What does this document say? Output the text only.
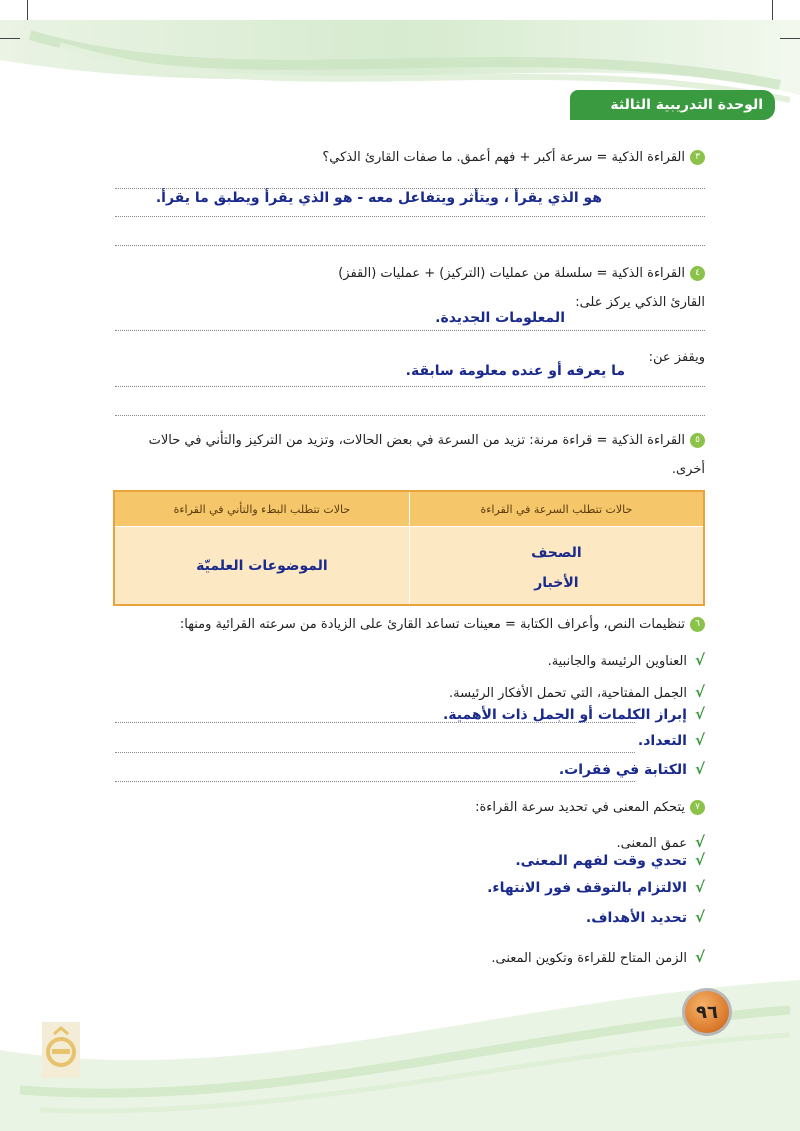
الوحدة التدريبية الثالثة
٣القراءة الذكية = سرعة أكبر + فهم أعمق. ما صفات القارئ الذكي؟
هو الذي يقرأ ، ويتأثر ويتفاعل معه - هو الذي يقرأ ويطبق ما يقرأ.
٤القراءة الذكية = سلسلة من عمليات (التركيز) + عمليات (القفز)
القارئ الذكي يركز على:
المعلومات الجديدة.
ويقفز عن:
ما يعرفه أو عنده معلومة سابقة.
٥القراءة الذكية = قراءة مرنة: تزيد من السرعة في بعض الحالات، وتزيد من التركيز والتأني في حالات
أخرى.
حالات تتطلب السرعة في القراءة	حالات تتطلب البطء والتأني في القراءة

الصحف
الأخبار	الموضوعات العلميّة
٦تنظيمات النص، وأعراف الكتابة = معينات تساعد القارئ على الزيادة من سرعته القرائية ومنها:
√العناوين الرئيسة والجانبية.
√الجمل المفتاحية، التي تحمل الأفكار الرئيسة.
√إبراز الكلمات أو الجمل ذات الأهمية.
√التعداد.
√الكتابة في فقرات.
٧يتحكم المعنى في تحديد سرعة القراءة:
√عمق المعنى.
√تحدي وقت لفهم المعنى.
√الالتزام بالتوقف فور الانتهاء.
√تحديد الأهداف.
√الزمن المتاح للقراءة وتكوين المعنى.
٩٦
